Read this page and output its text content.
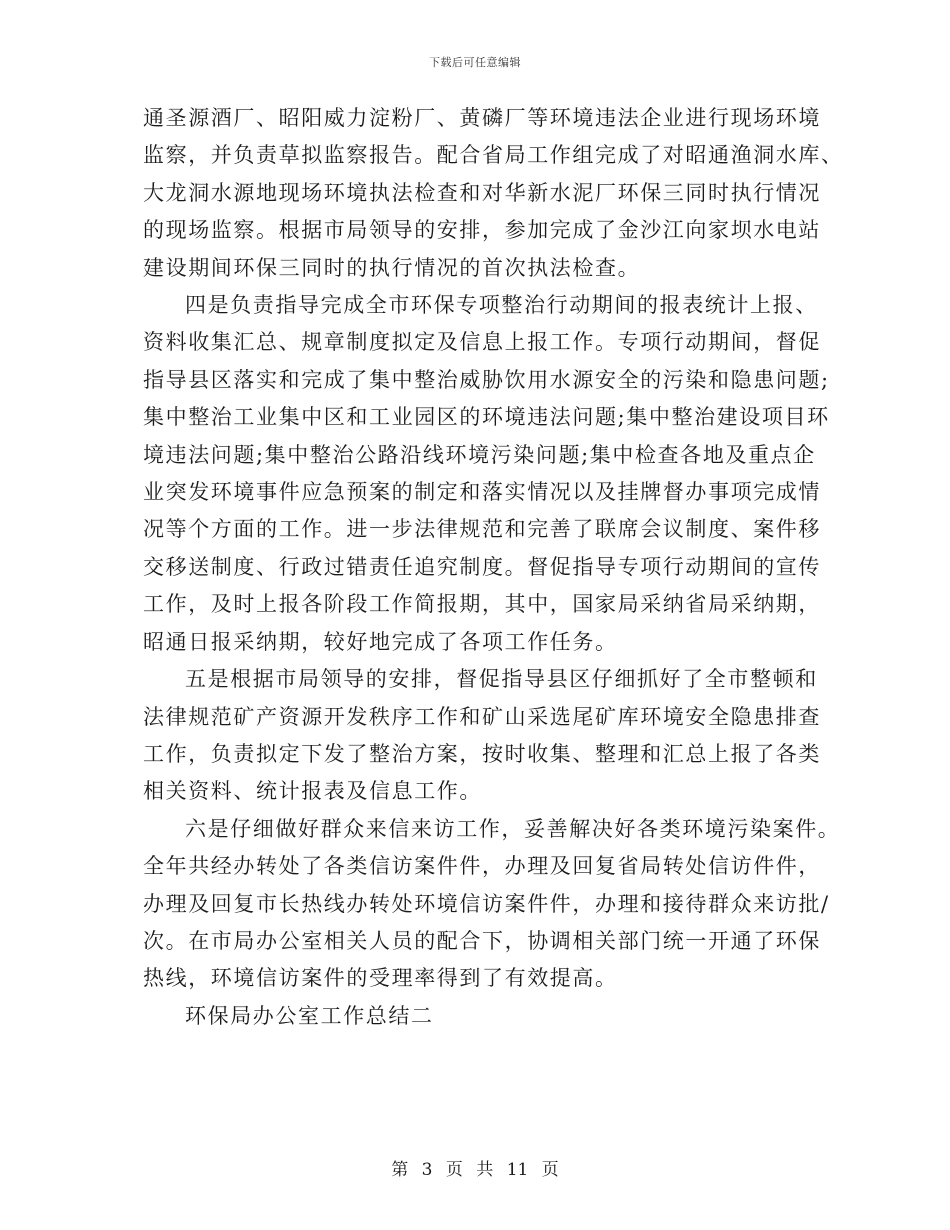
下载后可任意编辑
通圣源酒厂、昭阳威力淀粉厂、黄磷厂等环境违法企业进行现场环境
监察，并负责草拟监察报告。配合省局工作组完成了对昭通渔洞水库、
大龙洞水源地现场环境执法检查和对华新水泥厂环保三同时执行情况
的现场监察。根据市局领导的安排，参加完成了金沙江向家坝水电站
建设期间环保三同时的执行情况的首次执法检查。
四是负责指导完成全市环保专项整治行动期间的报表统计上报、
资料收集汇总、规章制度拟定及信息上报工作。专项行动期间，督促
指导县区落实和完成了集中整治威胁饮用水源安全的污染和隐患问题;
集中整治工业集中区和工业园区的环境违法问题;集中整治建设项目环
境违法问题;集中整治公路沿线环境污染问题;集中检查各地及重点企
业突发环境事件应急预案的制定和落实情况以及挂牌督办事项完成情
况等个方面的工作。进一步法律规范和完善了联席会议制度、案件移
交移送制度、行政过错责任追究制度。督促指导专项行动期间的宣传
工作，及时上报各阶段工作简报期，其中，国家局采纳省局采纳期，
昭通日报采纳期，较好地完成了各项工作任务。
五是根据市局领导的安排，督促指导县区仔细抓好了全市整顿和
法律规范矿产资源开发秩序工作和矿山采选尾矿库环境安全隐患排查
工作，负责拟定下发了整治方案，按时收集、整理和汇总上报了各类
相关资料、统计报表及信息工作。
六是仔细做好群众来信来访工作，妥善解决好各类环境污染案件。
全年共经办转处了各类信访案件件，办理及回复省局转处信访件件，
办理及回复市长热线办转处环境信访案件件，办理和接待群众来访批/
次。在市局办公室相关人员的配合下，协调相关部门统一开通了环保
热线，环境信访案件的受理率得到了有效提高。
环保局办公室工作总结二
第 3 页 共 11 页
